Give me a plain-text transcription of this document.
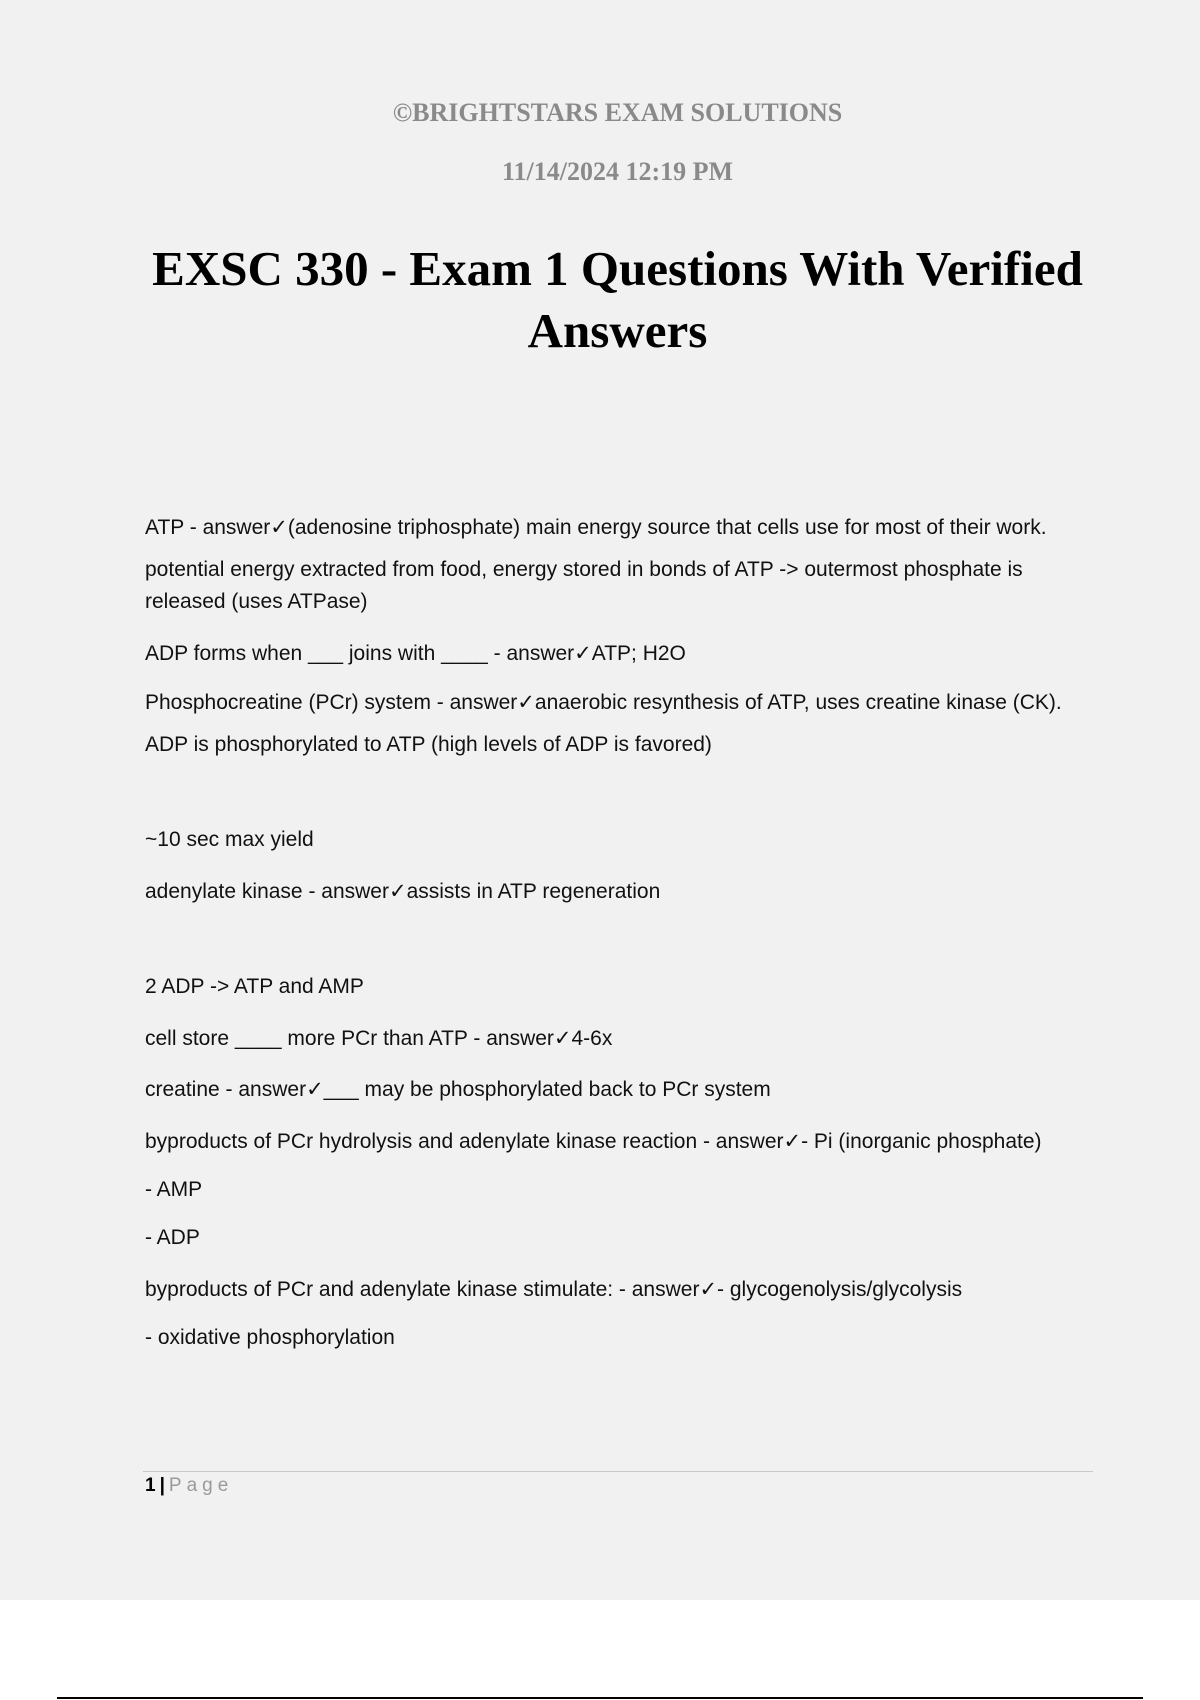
©BRIGHTSTARS EXAM SOLUTIONS
11/14/2024 12:19 PM
EXSC 330 - Exam 1 Questions With Verified Answers

ATP - answer✓(adenosine triphosphate) main energy source that cells use for most of their work.

potential energy extracted from food, energy stored in bonds of ATP -> outermost phosphate is released (uses ATPase)

ADP forms when ___ joins with ____ - answer✓ATP; H2O

Phosphocreatine (PCr) system - answer✓anaerobic resynthesis of ATP, uses creatine kinase (CK).

ADP is phosphorylated to ATP (high levels of ADP is favored)

~10 sec max yield

adenylate kinase - answer✓assists in ATP regeneration

2 ADP -> ATP and AMP

cell store ____ more PCr than ATP - answer✓4-6x

creatine - answer✓___ may be phosphorylated back to PCr system

byproducts of PCr hydrolysis and adenylate kinase reaction - answer✓- Pi (inorganic phosphate)

- AMP

- ADP

byproducts of PCr and adenylate kinase stimulate: - answer✓- glycogenolysis/glycolysis

- oxidative phosphorylation

1 | Page
